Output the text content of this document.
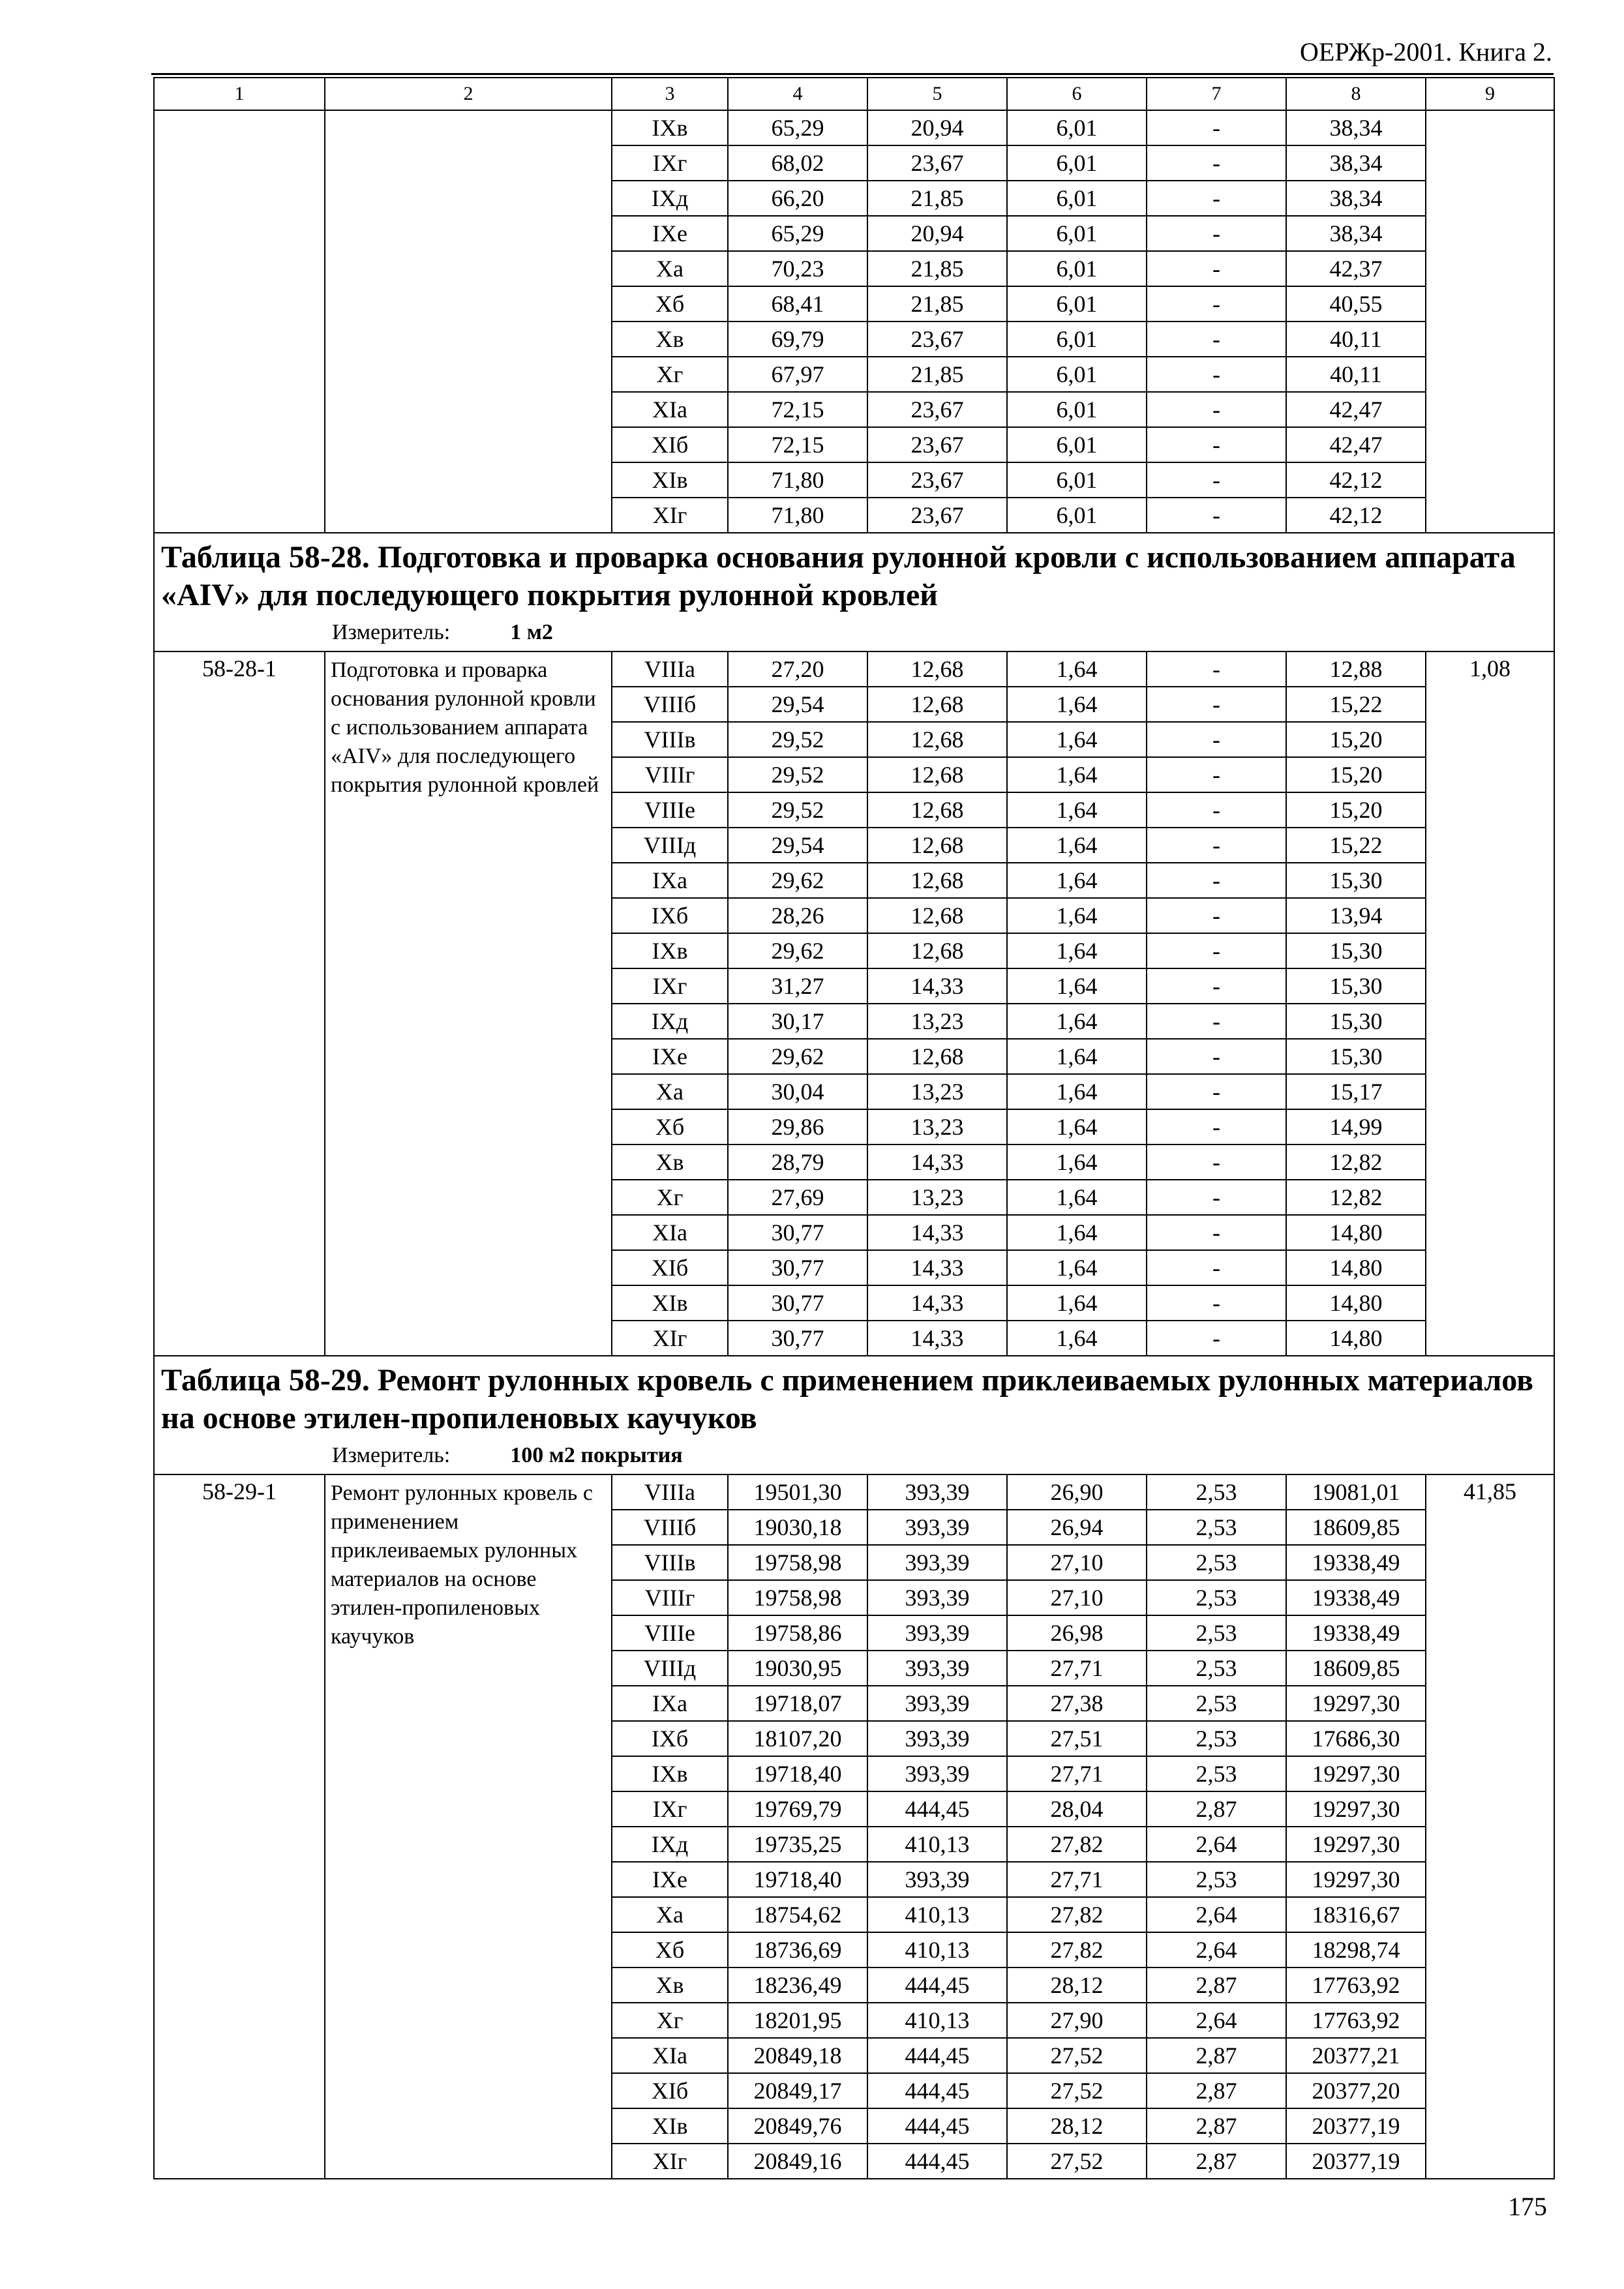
ОЕРЖр-2001. Книга 2.
1	2	3	4	5	6	7	8	9
		IXв	65,29	20,94	6,01	-	38,34	
		IXг	68,02	23,67	6,01	-	38,34	
		IXд	66,20	21,85	6,01	-	38,34	
		IXе	65,29	20,94	6,01	-	38,34	
		Xа	70,23	21,85	6,01	-	42,37	
		Xб	68,41	21,85	6,01	-	40,55	
		Xв	69,79	23,67	6,01	-	40,11	
		Xг	67,97	21,85	6,01	-	40,11	
		XIа	72,15	23,67	6,01	-	42,47	
		XIб	72,15	23,67	6,01	-	42,47	
		XIв	71,80	23,67	6,01	-	42,12	
		XIг	71,80	23,67	6,01	-	42,12	

Таблица 58-28. Подготовка и проварка основания рулонной кровли с использованием аппарата «AIV» для последующего покрытия рулонной кровлей
Измеритель: 1 м2								

58-28-1	Подготовка и проварка основания рулонной кровли с использованием аппарата «AIV» для последующего покрытия рулонной кровлей	VIIIа	27,20	12,68	1,64	-	12,88	1,08
		VIIIб	29,54	12,68	1,64	-	15,22	
		VIIIв	29,52	12,68	1,64	-	15,20	
		VIIIг	29,52	12,68	1,64	-	15,20	
		VIIIе	29,52	12,68	1,64	-	15,20	
		VIIIд	29,54	12,68	1,64	-	15,22	
		IXа	29,62	12,68	1,64	-	15,30	
		IXб	28,26	12,68	1,64	-	13,94	
		IXв	29,62	12,68	1,64	-	15,30	
		IXг	31,27	14,33	1,64	-	15,30	
		IXд	30,17	13,23	1,64	-	15,30	
		IXе	29,62	12,68	1,64	-	15,30	
		Xа	30,04	13,23	1,64	-	15,17	
		Xб	29,86	13,23	1,64	-	14,99	
		Xв	28,79	14,33	1,64	-	12,82	
		Xг	27,69	13,23	1,64	-	12,82	
		XIа	30,77	14,33	1,64	-	14,80	
		XIб	30,77	14,33	1,64	-	14,80	
		XIв	30,77	14,33	1,64	-	14,80	
		XIг	30,77	14,33	1,64	-	14,80	

Таблица 58-29. Ремонт рулонных кровель с применением приклеиваемых рулонных материалов на основе этилен-пропиленовых каучуков
Измеритель: 100 м2 покрытия								

58-29-1	Ремонт рулонных кровель с применением приклеиваемых рулонных материалов на основе этилен-пропиленовых каучуков	VIIIа	19501,30	393,39	26,90	2,53	19081,01	41,85
		VIIIб	19030,18	393,39	26,94	2,53	18609,85	
		VIIIв	19758,98	393,39	27,10	2,53	19338,49	
		VIIIг	19758,98	393,39	27,10	2,53	19338,49	
		VIIIе	19758,86	393,39	26,98	2,53	19338,49	
		VIIIд	19030,95	393,39	27,71	2,53	18609,85	
		IXа	19718,07	393,39	27,38	2,53	19297,30	
		IXб	18107,20	393,39	27,51	2,53	17686,30	
		IXв	19718,40	393,39	27,71	2,53	19297,30	
		IXг	19769,79	444,45	28,04	2,87	19297,30	
		IXд	19735,25	410,13	27,82	2,64	19297,30	
		IXе	19718,40	393,39	27,71	2,53	19297,30	
		Xа	18754,62	410,13	27,82	2,64	18316,67	
		Xб	18736,69	410,13	27,82	2,64	18298,74	
		Xв	18236,49	444,45	28,12	2,87	17763,92	
		Xг	18201,95	410,13	27,90	2,64	17763,92	
		XIа	20849,18	444,45	27,52	2,87	20377,21	
		XIб	20849,17	444,45	27,52	2,87	20377,20	
		XIв	20849,76	444,45	28,12	2,87	20377,19	
		XIг	20849,16	444,45	27,52	2,87	20377,19	
175
